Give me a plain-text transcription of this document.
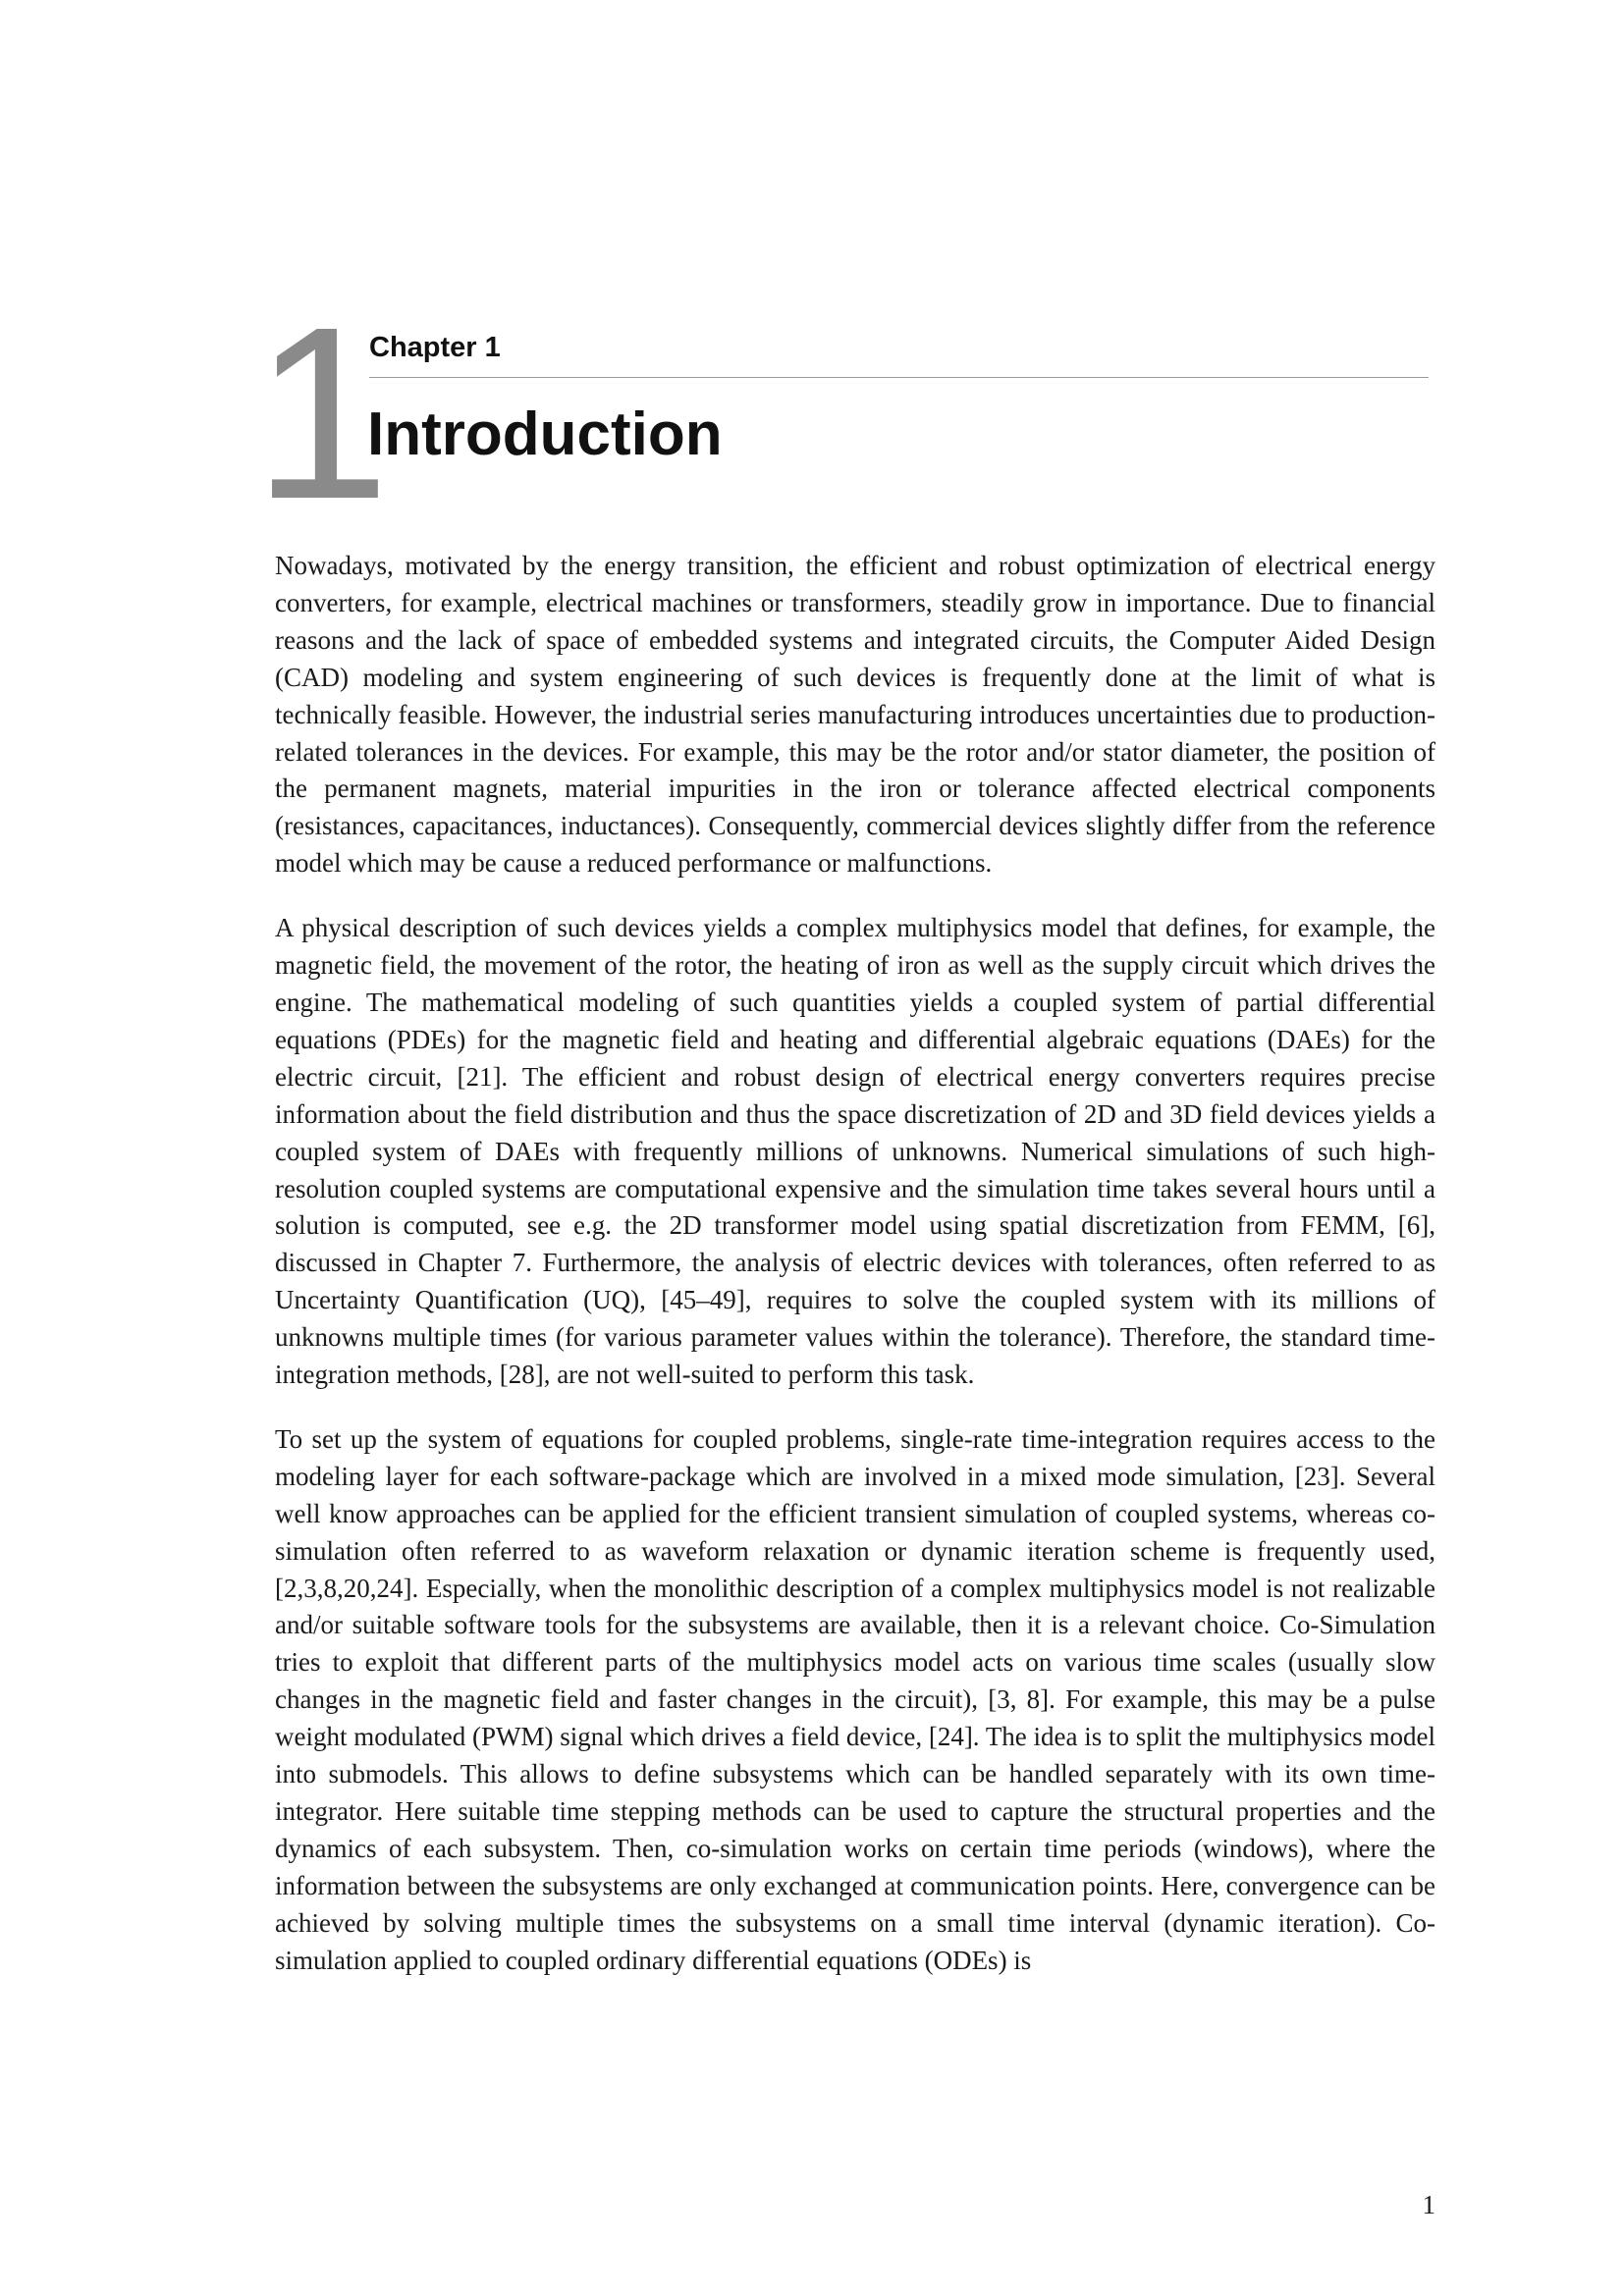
1
Chapter 1
Introduction

Nowadays, motivated by the energy transition, the efficient and robust optimization of electrical energy converters, for example, electrical machines or transformers, steadily grow in importance. Due to financial reasons and the lack of space of embedded systems and integrated circuits, the Computer Aided Design (CAD) modeling and system engineering of such devices is frequently done at the limit of what is technically feasible. However, the industrial series manufacturing introduces uncertainties due to production-related tolerances in the devices. For example, this may be the rotor and/or stator diameter, the position of the permanent magnets, material impurities in the iron or tolerance affected electrical components (resistances, capacitances, inductances). Consequently, commercial devices slightly differ from the reference model which may be cause a reduced performance or malfunctions.

A physical description of such devices yields a complex multiphysics model that defines, for example, the magnetic field, the movement of the rotor, the heating of iron as well as the supply circuit which drives the engine. The mathematical modeling of such quantities yields a coupled system of partial differential equations (PDEs) for the magnetic field and heating and differential algebraic equations (DAEs) for the electric circuit, [21]. The efficient and robust design of electrical energy converters requires precise information about the field distribution and thus the space discretization of 2D and 3D field devices yields a coupled system of DAEs with frequently millions of unknowns. Numerical simulations of such high-resolution coupled systems are computational expensive and the simulation time takes several hours until a solution is computed, see e.g. the 2D transformer model using spatial discretization from FEMM, [6], discussed in Chapter 7. Furthermore, the analysis of electric devices with tolerances, often referred to as Uncertainty Quantification (UQ), [45–49], requires to solve the coupled system with its millions of unknowns multiple times (for various parameter values within the tolerance). Therefore, the standard time-integration methods, [28], are not well-suited to perform this task.

To set up the system of equations for coupled problems, single-rate time-integration requires access to the modeling layer for each software-package which are involved in a mixed mode simulation, [23]. Several well know approaches can be applied for the efficient transient simulation of coupled systems, whereas co-simulation often referred to as waveform relaxation or dynamic iteration scheme is frequently used, [2,3,8,20,24]. Especially, when the monolithic description of a complex multiphysics model is not realizable and/or suitable software tools for the subsystems are available, then it is a relevant choice. Co-Simulation tries to exploit that different parts of the multiphysics model acts on various time scales (usually slow changes in the magnetic field and faster changes in the circuit), [3, 8]. For example, this may be a pulse weight modulated (PWM) signal which drives a field device, [24]. The idea is to split the multiphysics model into submodels. This allows to define subsystems which can be handled separately with its own time-integrator. Here suitable time stepping methods can be used to capture the structural properties and the dynamics of each subsystem. Then, co-simulation works on certain time periods (windows), where the information between the subsystems are only exchanged at communication points. Here, convergence can be achieved by solving multiple times the subsystems on a small time interval (dynamic iteration). Co-simulation applied to coupled ordinary differential equations (ODEs) is

1
